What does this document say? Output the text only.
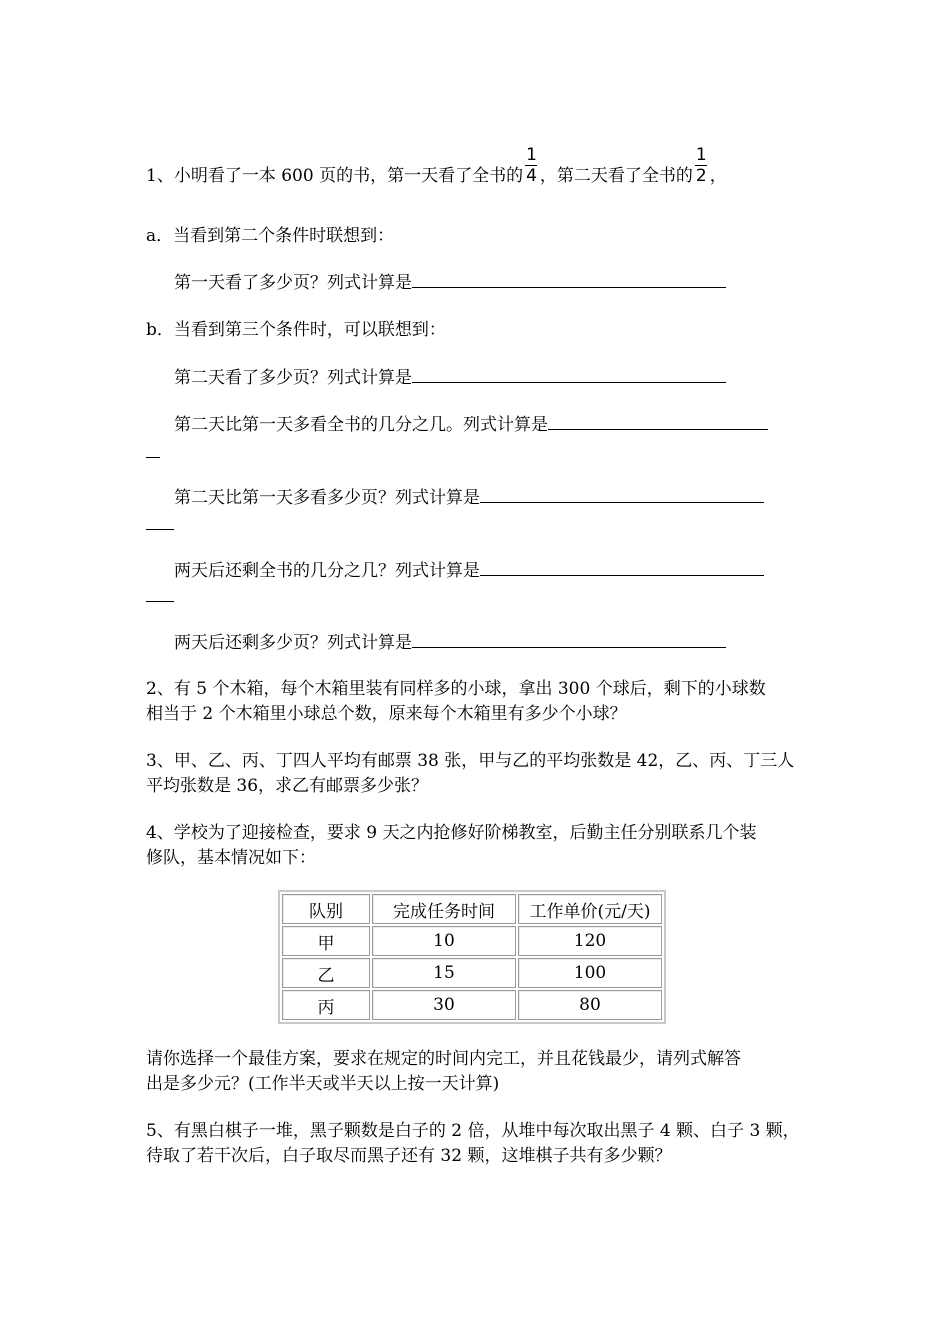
1、小明看了一本 600 页的书，第一天看了全书的 $\frac{1}{4}$ ，第二天看了全书的 $\frac{1}{2}$ ，
a．当看到第二个条件时联想到：
第一天看了多少页？列式计算是
b．当看到第三个条件时，可以联想到：
第二天看了多少页？列式计算是
第二天比第一天多看全书的几分之几。列式计算是
第二天比第一天多看多少页？列式计算是
两天后还剩全书的几分之几？列式计算是
两天后还剩多少页？列式计算是
2、有 5 个木箱，每个木箱里装有同样多的小球，拿出 300 个球后，剩下的小球数
相当于 2 个木箱里小球总个数，原来每个木箱里有多少个小球？
3、甲、乙、丙、丁四人平均有邮票 38 张，甲与乙的平均张数是 42，乙、丙、丁三人
平均张数是 36，求乙有邮票多少张？
4、学校为了迎接检查，要求 9 天之内抢修好阶梯教室，后勤主任分别联系几个装
修队，基本情况如下：
队别	完成任务时间	工作单价(元/天)
甲	10	120
乙	15	100
丙	30	80
请你选择一个最佳方案，要求在规定的时间内完工，并且花钱最少，请列式解答
出是多少元？(工作半天或半天以上按一天计算)
5、有黑白棋子一堆，黑子颗数是白子的 2 倍，从堆中每次取出黑子 4 颗、白子 3 颗，
待取了若干次后，白子取尽而黑子还有 32 颗，这堆棋子共有多少颗？
